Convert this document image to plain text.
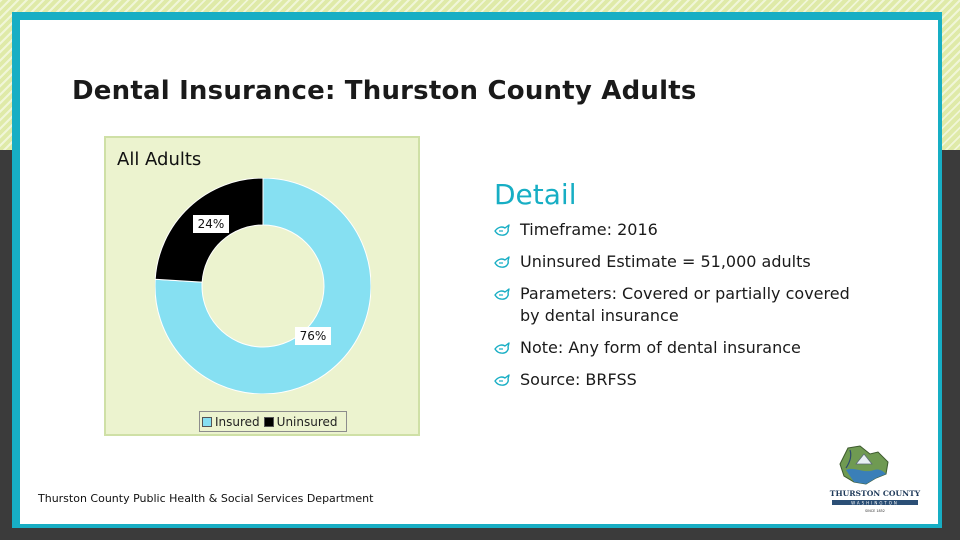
Dental Insurance: Thurston County Adults
All Adults
76%
24%
Insured Uninsured
Detail
Timeframe: 2016
Uninsured Estimate = 51,000 adults
Parameters: Covered or partially covered by dental insurance
Note: Any form of dental insurance
Source: BRFSS
Thurston County Public Health & Social Services Department	THURSTON COUNTY
WASHINGTON
SINCE 1852
